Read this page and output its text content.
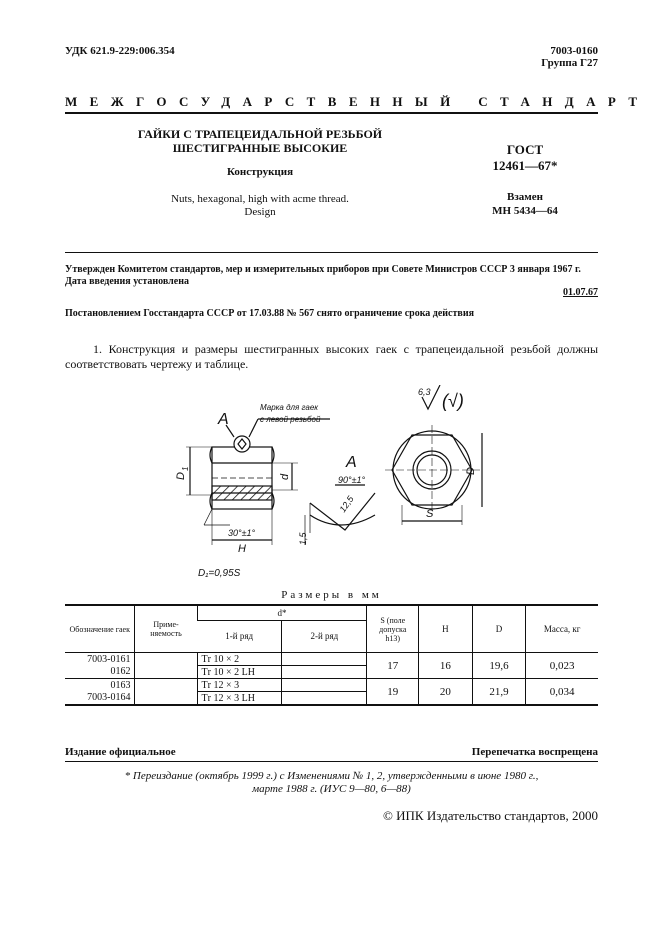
УДК 621.9-229:006.354	7003-0160
Группа Г27
МЕЖГОСУДАРСТВЕННЫЙ СТАНДАРТ
ГАЙКИ С ТРАПЕЦЕИДАЛЬНОЙ РЕЗЬБОЙ
ШЕСТИГРАННЫЕ ВЫСОКИЕ
Конструкция
Nuts, hexagonal, high with acme thread.
Design
ГОСТ
12461—67*
Взамен
МН 5434—64
Утвержден Комитетом стандартов, мер и измерительных приборов при Совете Министров СССР 3 января 1967 г.
Дата введения установлена
01.07.67
Постановлением Госстандарта СССР от 17.03.88 № 567 снято ограничение срока действия
1. Конструкция и размеры шестигранных высоких гаек с трапецеидальной резьбой должны соответствовать чертежу и таблице.
А
Маркa для гаек
с левой резьбой
D
1
d
30°±1°
H
D₁=0,95S
А
90°±1°
12,5
1,5
6,3 (√)
S
D
Размеры в мм
Обозначение гаек	Приме-няемость	d*		S (поле допуска h13)	H	D	Масса, кг
		1-й ряд	2-й ряд				
7003-0161		Тr 10 × 2		17	16	19,6	0,023
0162		Тr 10 × 2 LH					
0163		Тr 12 × 3		19	20	21,9	0,034
7003-0164		Тr 12 × 3 LH					
Издание официальное	Перепечатка воспрещена
* Переиздание (октябрь 1999 г.) с Изменениями № 1, 2, утвержденными в июне 1980 г.,
марте 1988 г. (ИУС 9—80, 6—88)
© ИПК Издательство стандартов, 2000
